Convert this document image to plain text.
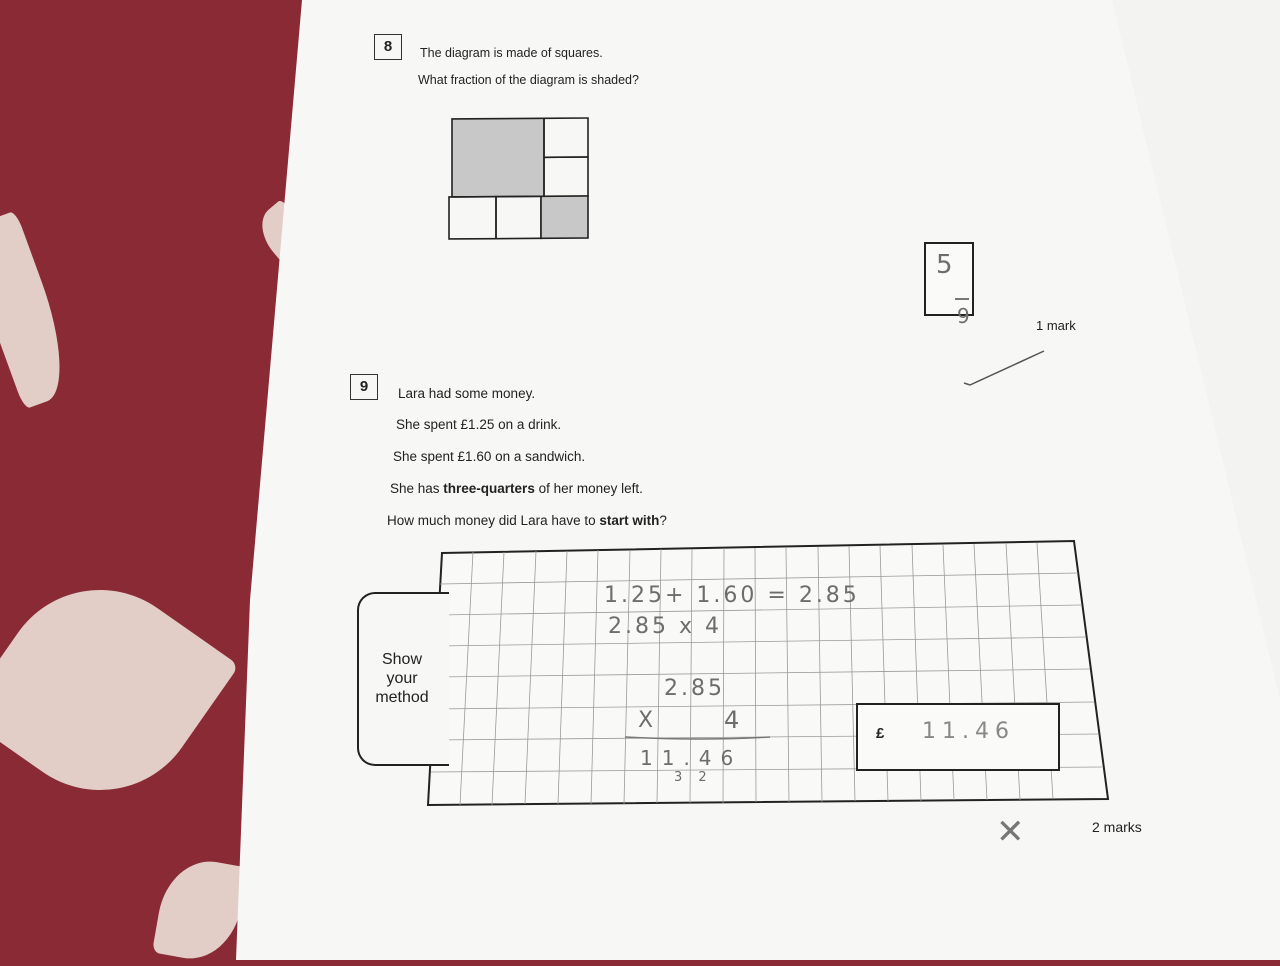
8	The diagram is made of squares.
What fraction of the diagram is shaded?
5
9	1 mark
9	Lara had some money.
She spent £1.25 on a drink.
She spent £1.60 on a sandwich.
She has three-quarters of her money left.
How much money did Lara have to start with?
Show
your
method
1.25+ 1.60 = 2.85
2.85 x 4
2.85
X	4
11.46
3 2
£ 11.46
✕	2 marks
